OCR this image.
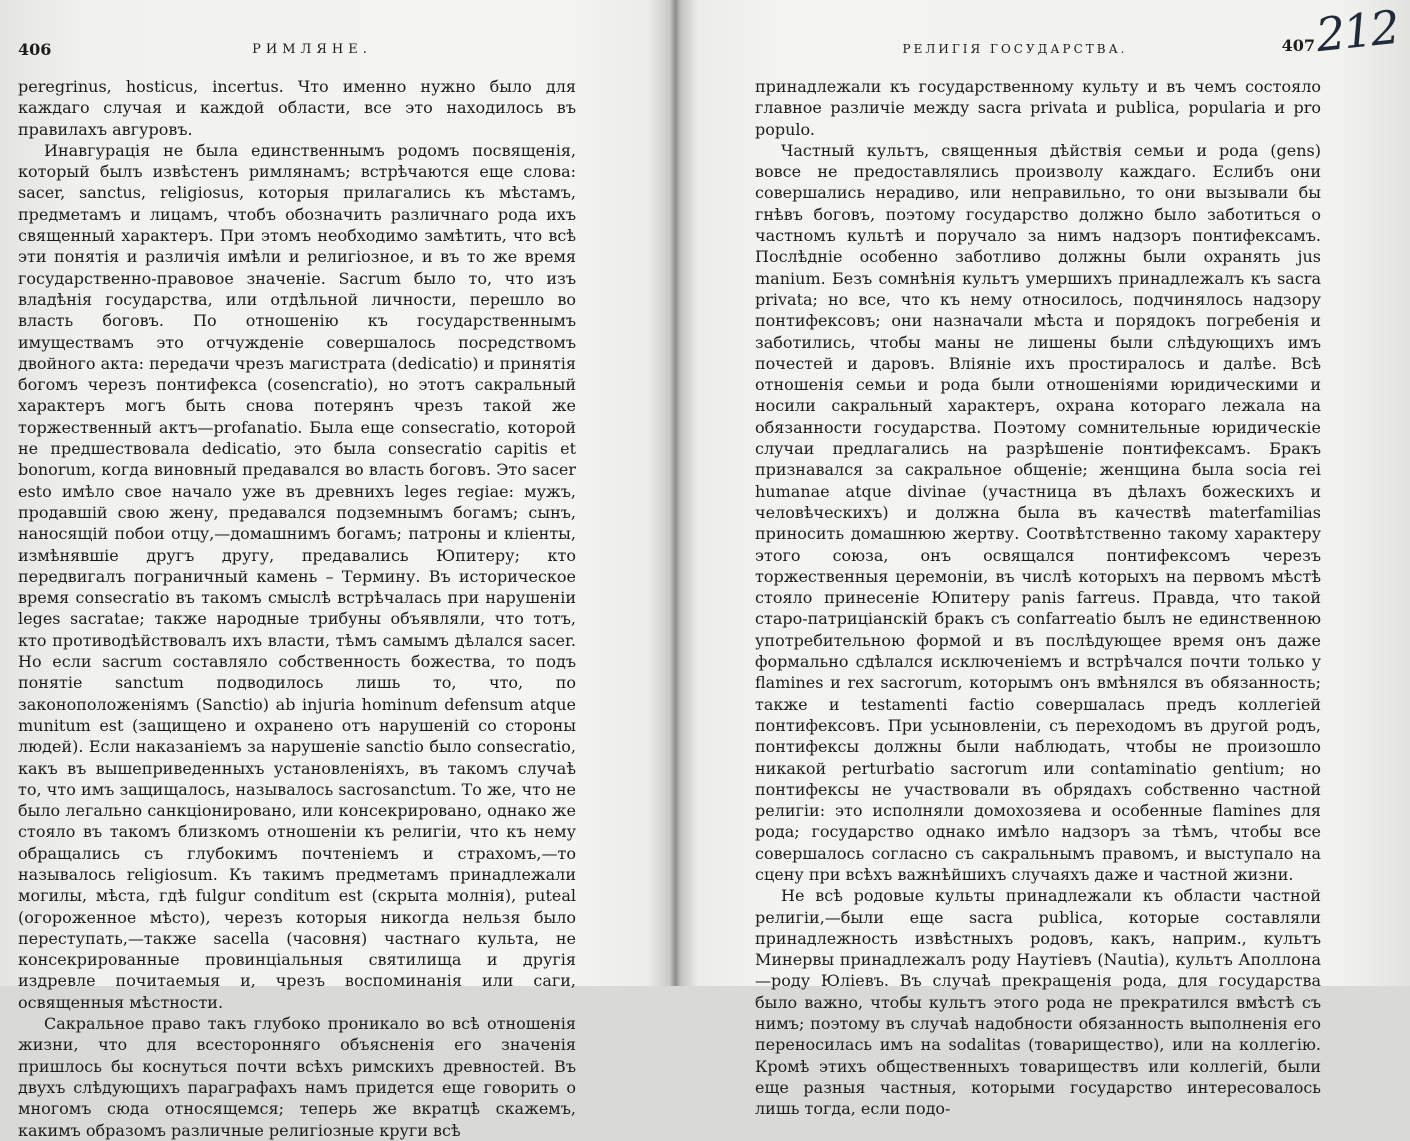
406	РИМЛЯНЕ.

peregrinus, hosticus, incertus. Что именно нужно было для каждаго случая и каждой области, все это находилось въ правилахъ авгуровъ.

Инавгурація не была единственнымъ родомъ посвященія, который былъ извѣстенъ римлянамъ; встрѣчаются еще слова: sacer, sanctus, religiosus, которыя прилагались къ мѣстамъ, предметамъ и лицамъ, чтобъ обозначить различнаго рода ихъ священный характеръ. При этомъ необходимо замѣтить, что всѣ эти понятія и различія имѣли и религіозное, и въ то же время государственно-правовое значеніе. Sacrum было то, что изъ владѣнія государства, или отдѣльной личности, перешло во власть боговъ. По отношенію къ государственнымъ имуществамъ это отчужденіе совершалось посредствомъ двойного акта: передачи чрезъ магистрата (dedicatio) и принятія богомъ черезъ понтифекса (cosencratio), но этотъ сакральный характеръ могъ быть снова потерянъ чрезъ такой же торжественный актъ—profanatio. Была еще consecratio, которой не предшествовала dedicatio, это была consecratio capitis et bonorum, когда виновный предавался во власть боговъ. Это sacer esto имѣло свое начало уже въ древнихъ leges regiae: мужъ, продавшій свою жену, предавался подземнымъ богамъ; сынъ, наносящій побои отцу,—домашнимъ богамъ; патроны и кліенты, измѣнявшіе другъ другу, предавались Юпитеру; кто передвигалъ пограничный камень – Термину. Въ историческое время consecratio въ такомъ смыслѣ встрѣчалась при нарушеніи leges sacratae; также народные трибуны объявляли, что тотъ, кто противодѣйствовалъ ихъ власти, тѣмъ самымъ дѣлался sacer. Но если sacrum составляло собственность божества, то подъ понятіе sanctum подводилось лишь то, что, по законоположеніямъ (Sanctio) ab injuria hominum defensum atque munitum est (защищено и охранено отъ нарушеній со стороны людей). Если наказаніемъ за нарушеніе sanctio было consecratio, какъ въ вышеприведенныхъ установленіяхъ, въ такомъ случаѣ то, что имъ защищалось, называлось sacrosanctum. То же, что не было легально санкціонировано, или консекрировано, однако же стояло въ такомъ близкомъ отношеніи къ религіи, что къ нему обращались съ глубокимъ почтеніемъ и страхомъ,—то называлось religiosum. Къ такимъ предметамъ принадлежали могилы, мѣста, гдѣ fulgur conditum est (скрыта молнія), puteal (огороженное мѣсто), черезъ которыя никогда нельзя было переступать,—также sacella (часовня) частнаго культа, не консекрированные провинціальныя святилища и другія издревле почитаемыя и, чрезъ воспоминанія или саги, освященныя мѣстности.

Сакральное право такъ глубоко проникало во всѣ отношенія жизни, что для всесторонняго объясненія его значенія пришлось бы коснуться почти всѣхъ римскихъ древностей. Въ двухъ слѣдующихъ параграфахъ намъ придется еще говорить о многомъ сюда относящемся; теперь же вкратцѣ скажемъ, какимъ образомъ различные религіозные круги всѣ

РЕЛИГІЯ ГОСУДАРСТВА.	407

принадлежали къ государственному культу и въ чемъ состояло главное различіе между sacra privata и publica, popularia и pro populo.

Частный культъ, священныя дѣйствія семьи и рода (gens) вовсе не предоставлялись произволу каждаго. Еслибъ они совершались нерадиво, или неправильно, то они вызывали бы гнѣвъ боговъ, поэтому государство должно было заботиться о частномъ культѣ и поручало за нимъ надзоръ понтифексамъ. Послѣдніе особенно заботливо должны были охранять jus manium. Безъ сомнѣнія культъ умершихъ принадлежалъ къ sacra privata; но все, что къ нему относилось, подчинялось надзору понтифексовъ; они назначали мѣста и порядокъ погребенія и заботились, чтобы маны не лишены были слѣдующихъ имъ почестей и даровъ. Вліяніе ихъ простиралось и далѣе. Всѣ отношенія семьи и рода были отношеніями юридическими и носили сакральный характеръ, охрана котораго лежала на обязанности государства. Поэтому сомнительные юридическіе случаи предлагались на разрѣшеніе понтифексамъ. Бракъ признавался за сакральное общеніе; женщина была socia rei humanae atque divinae (участница въ дѣлахъ божескихъ и человѣческихъ) и должна была въ качествѣ materfamilias приносить домашнюю жертву. Соотвѣтственно такому характеру этого союза, онъ освящался понтифексомъ черезъ торжественныя церемоніи, въ числѣ которыхъ на первомъ мѣстѣ стояло принесеніе Юпитеру panis farreus. Правда, что такой старо-патриціанскій бракъ съ confarreatio былъ не единственною употребительною формой и въ послѣдующее время онъ даже формально сдѣлался исключеніемъ и встрѣчался почти только у flamines и rex sacrorum, которымъ онъ вмѣнялся въ обязанность; также и testamenti factio совершалась предъ коллегіей понтифексовъ. При усыновленіи, съ переходомъ въ другой родъ, понтифексы должны были наблюдать, чтобы не произошло никакой perturbatio sacrorum или contaminatio gentium; но понтифексы не участвовали въ обрядахъ собственно частной религіи: это исполняли домохозяева и особенные flamines для рода; государство однако имѣло надзоръ за тѣмъ, чтобы все совершалось согласно съ сакральнымъ правомъ, и выступало на сцену при всѣхъ важнѣйшихъ случаяхъ даже и частной жизни.

Не всѣ родовые культы принадлежали къ области частной религіи,—были еще sacra publica, которые составляли принадлежность извѣстныхъ родовъ, какъ, наприм., культъ Минервы принадлежалъ роду Наутіевъ (Nautia), культъ Аполлона—роду Юліевъ. Въ случаѣ прекращенія рода, для государства было важно, чтобы культъ этого рода не прекратился вмѣстѣ съ нимъ; поэтому въ случаѣ надобности обязанность выполненія его переносилась имъ на sodalitas (товарищество), или на коллегію. Кромѣ этихъ общественныхъ товариществъ или коллегій, были еще разныя частныя, которыми государство интересовалось лишь тогда, если подо-

212
